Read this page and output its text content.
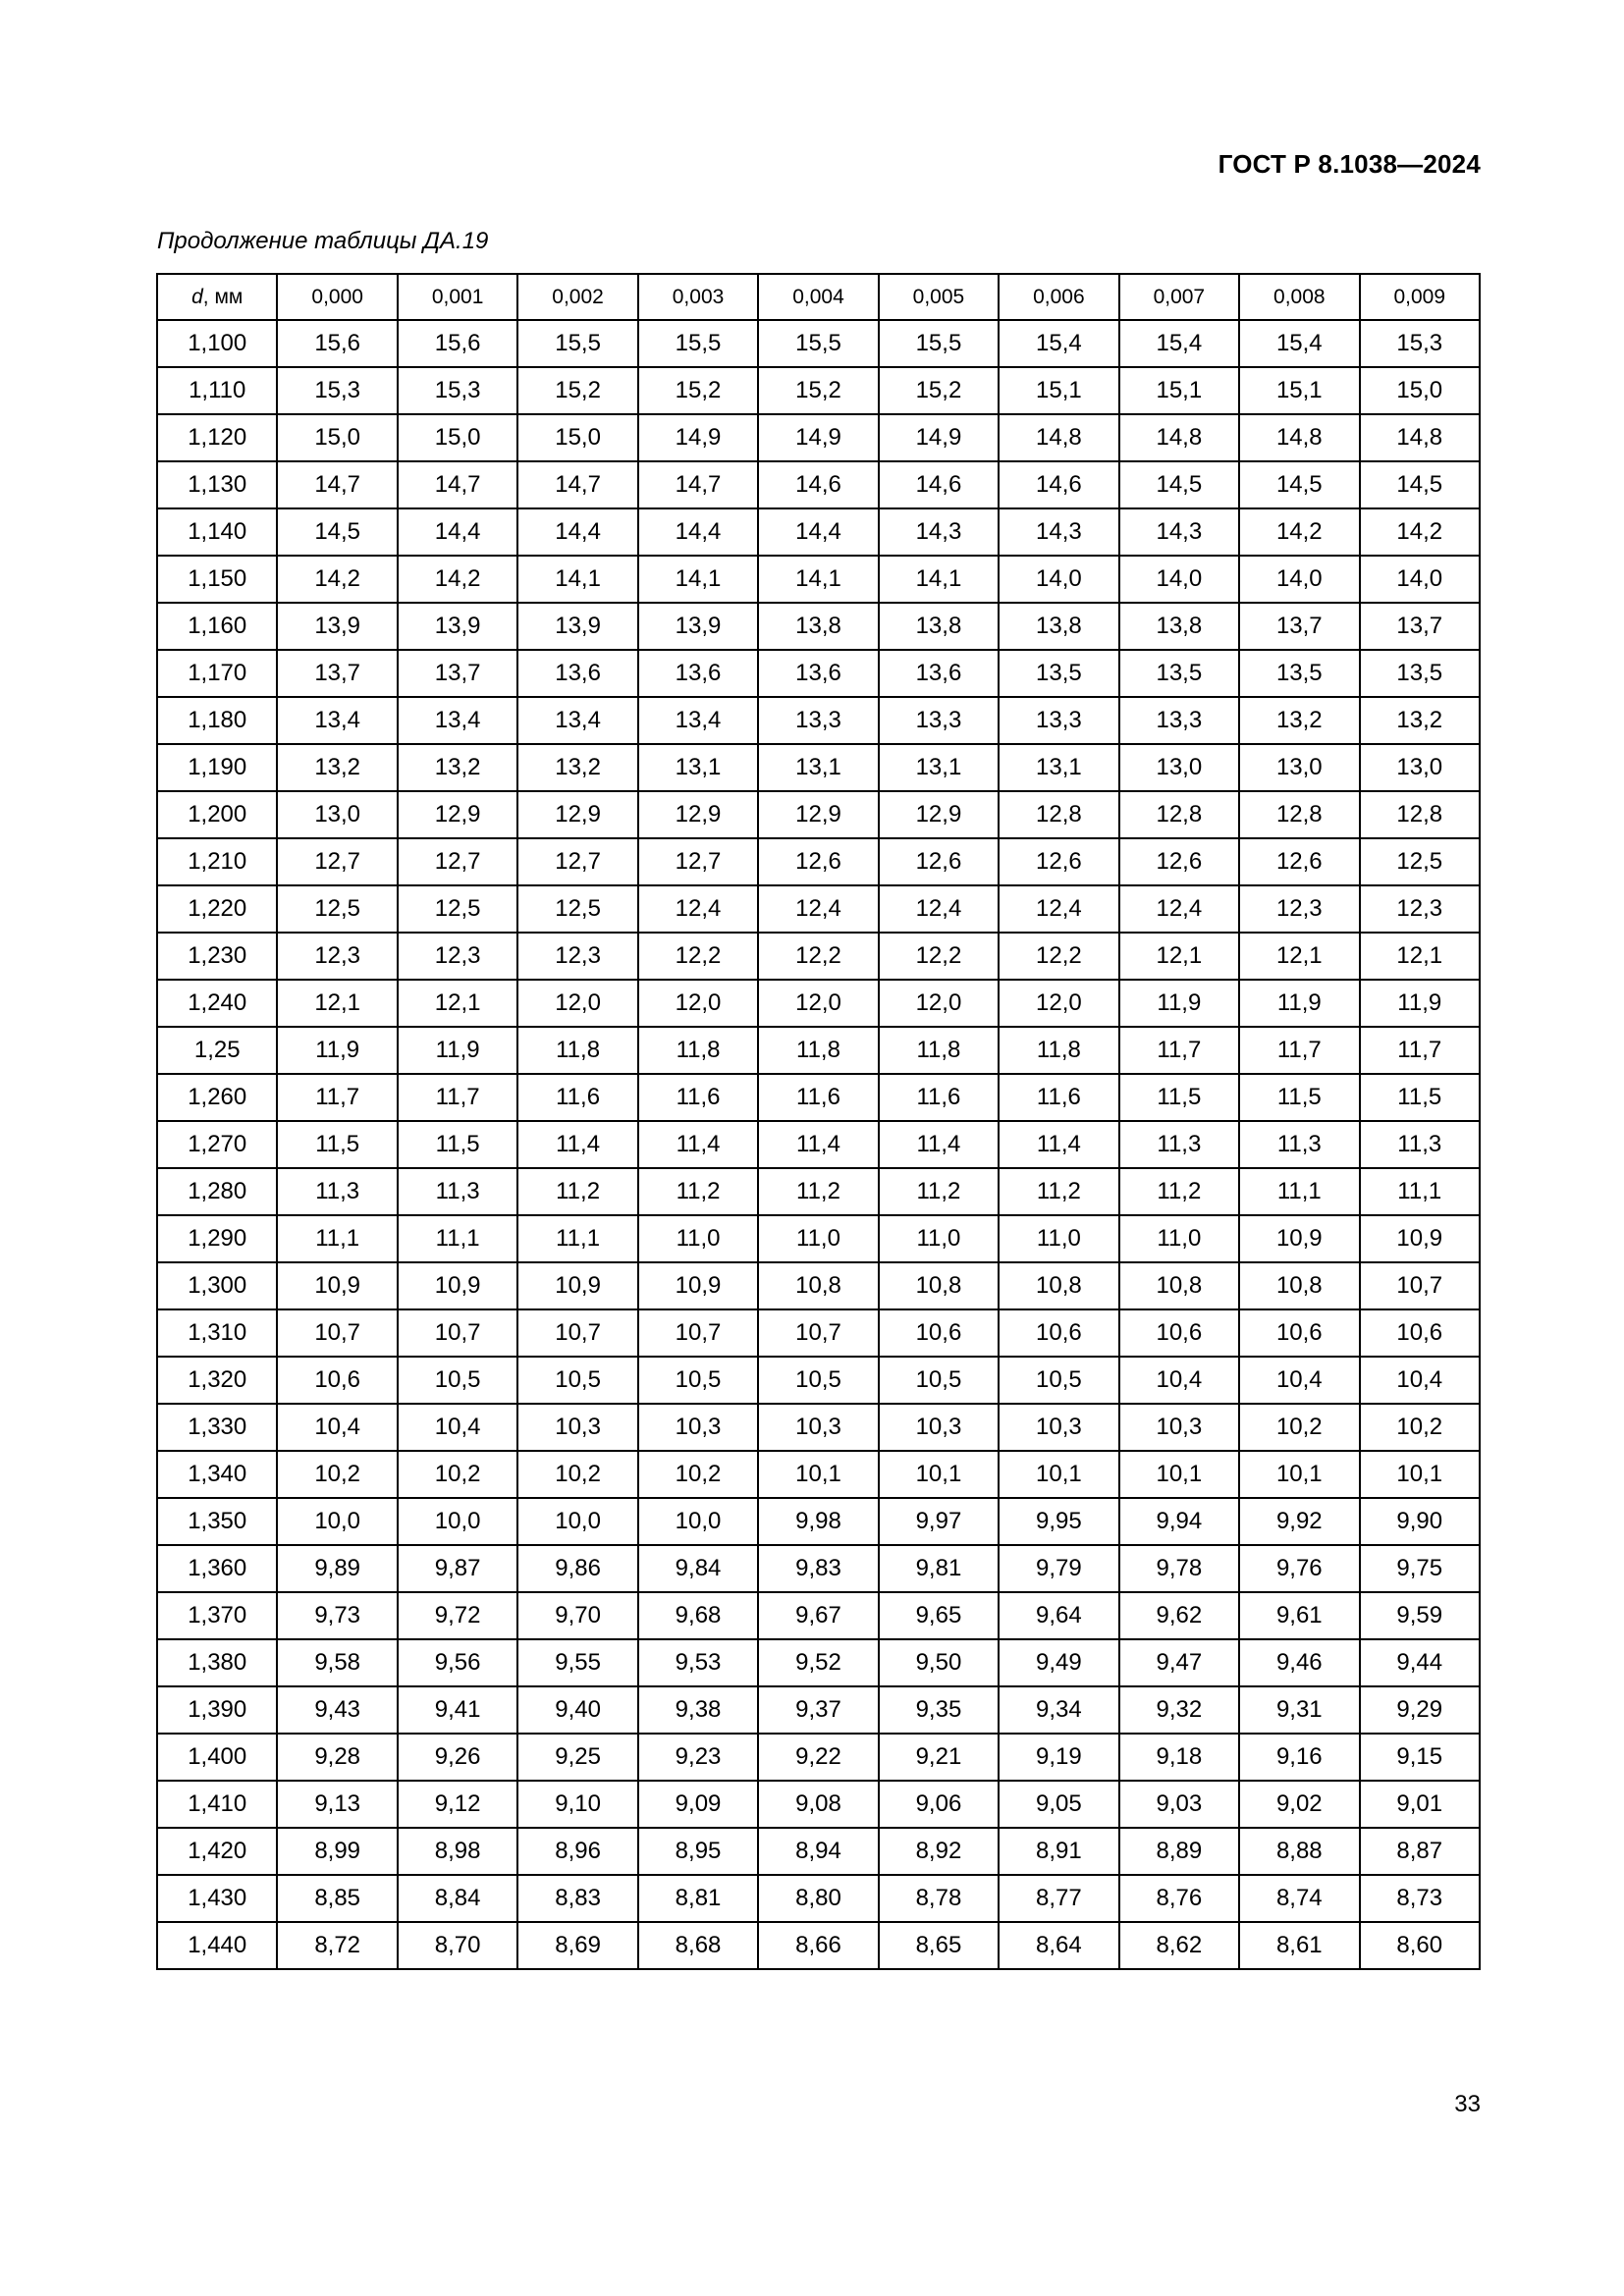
ГОСТ Р 8.1038—2024
Продолжение таблицы ДА.19
d, мм	0,000	0,001	0,002	0,003	0,004	0,005	0,006	0,007	0,008	0,009
1,100	15,6	15,6	15,5	15,5	15,5	15,5	15,4	15,4	15,4	15,3
1,110	15,3	15,3	15,2	15,2	15,2	15,2	15,1	15,1	15,1	15,0
1,120	15,0	15,0	15,0	14,9	14,9	14,9	14,8	14,8	14,8	14,8
1,130	14,7	14,7	14,7	14,7	14,6	14,6	14,6	14,5	14,5	14,5
1,140	14,5	14,4	14,4	14,4	14,4	14,3	14,3	14,3	14,2	14,2
1,150	14,2	14,2	14,1	14,1	14,1	14,1	14,0	14,0	14,0	14,0
1,160	13,9	13,9	13,9	13,9	13,8	13,8	13,8	13,8	13,7	13,7
1,170	13,7	13,7	13,6	13,6	13,6	13,6	13,5	13,5	13,5	13,5
1,180	13,4	13,4	13,4	13,4	13,3	13,3	13,3	13,3	13,2	13,2
1,190	13,2	13,2	13,2	13,1	13,1	13,1	13,1	13,0	13,0	13,0
1,200	13,0	12,9	12,9	12,9	12,9	12,9	12,8	12,8	12,8	12,8
1,210	12,7	12,7	12,7	12,7	12,6	12,6	12,6	12,6	12,6	12,5
1,220	12,5	12,5	12,5	12,4	12,4	12,4	12,4	12,4	12,3	12,3
1,230	12,3	12,3	12,3	12,2	12,2	12,2	12,2	12,1	12,1	12,1
1,240	12,1	12,1	12,0	12,0	12,0	12,0	12,0	11,9	11,9	11,9
1,25	11,9	11,9	11,8	11,8	11,8	11,8	11,8	11,7	11,7	11,7
1,260	11,7	11,7	11,6	11,6	11,6	11,6	11,6	11,5	11,5	11,5
1,270	11,5	11,5	11,4	11,4	11,4	11,4	11,4	11,3	11,3	11,3
1,280	11,3	11,3	11,2	11,2	11,2	11,2	11,2	11,2	11,1	11,1
1,290	11,1	11,1	11,1	11,0	11,0	11,0	11,0	11,0	10,9	10,9
1,300	10,9	10,9	10,9	10,9	10,8	10,8	10,8	10,8	10,8	10,7
1,310	10,7	10,7	10,7	10,7	10,7	10,6	10,6	10,6	10,6	10,6
1,320	10,6	10,5	10,5	10,5	10,5	10,5	10,5	10,4	10,4	10,4
1,330	10,4	10,4	10,3	10,3	10,3	10,3	10,3	10,3	10,2	10,2
1,340	10,2	10,2	10,2	10,2	10,1	10,1	10,1	10,1	10,1	10,1
1,350	10,0	10,0	10,0	10,0	9,98	9,97	9,95	9,94	9,92	9,90
1,360	9,89	9,87	9,86	9,84	9,83	9,81	9,79	9,78	9,76	9,75
1,370	9,73	9,72	9,70	9,68	9,67	9,65	9,64	9,62	9,61	9,59
1,380	9,58	9,56	9,55	9,53	9,52	9,50	9,49	9,47	9,46	9,44
1,390	9,43	9,41	9,40	9,38	9,37	9,35	9,34	9,32	9,31	9,29
1,400	9,28	9,26	9,25	9,23	9,22	9,21	9,19	9,18	9,16	9,15
1,410	9,13	9,12	9,10	9,09	9,08	9,06	9,05	9,03	9,02	9,01
1,420	8,99	8,98	8,96	8,95	8,94	8,92	8,91	8,89	8,88	8,87
1,430	8,85	8,84	8,83	8,81	8,80	8,78	8,77	8,76	8,74	8,73
1,440	8,72	8,70	8,69	8,68	8,66	8,65	8,64	8,62	8,61	8,60
33
